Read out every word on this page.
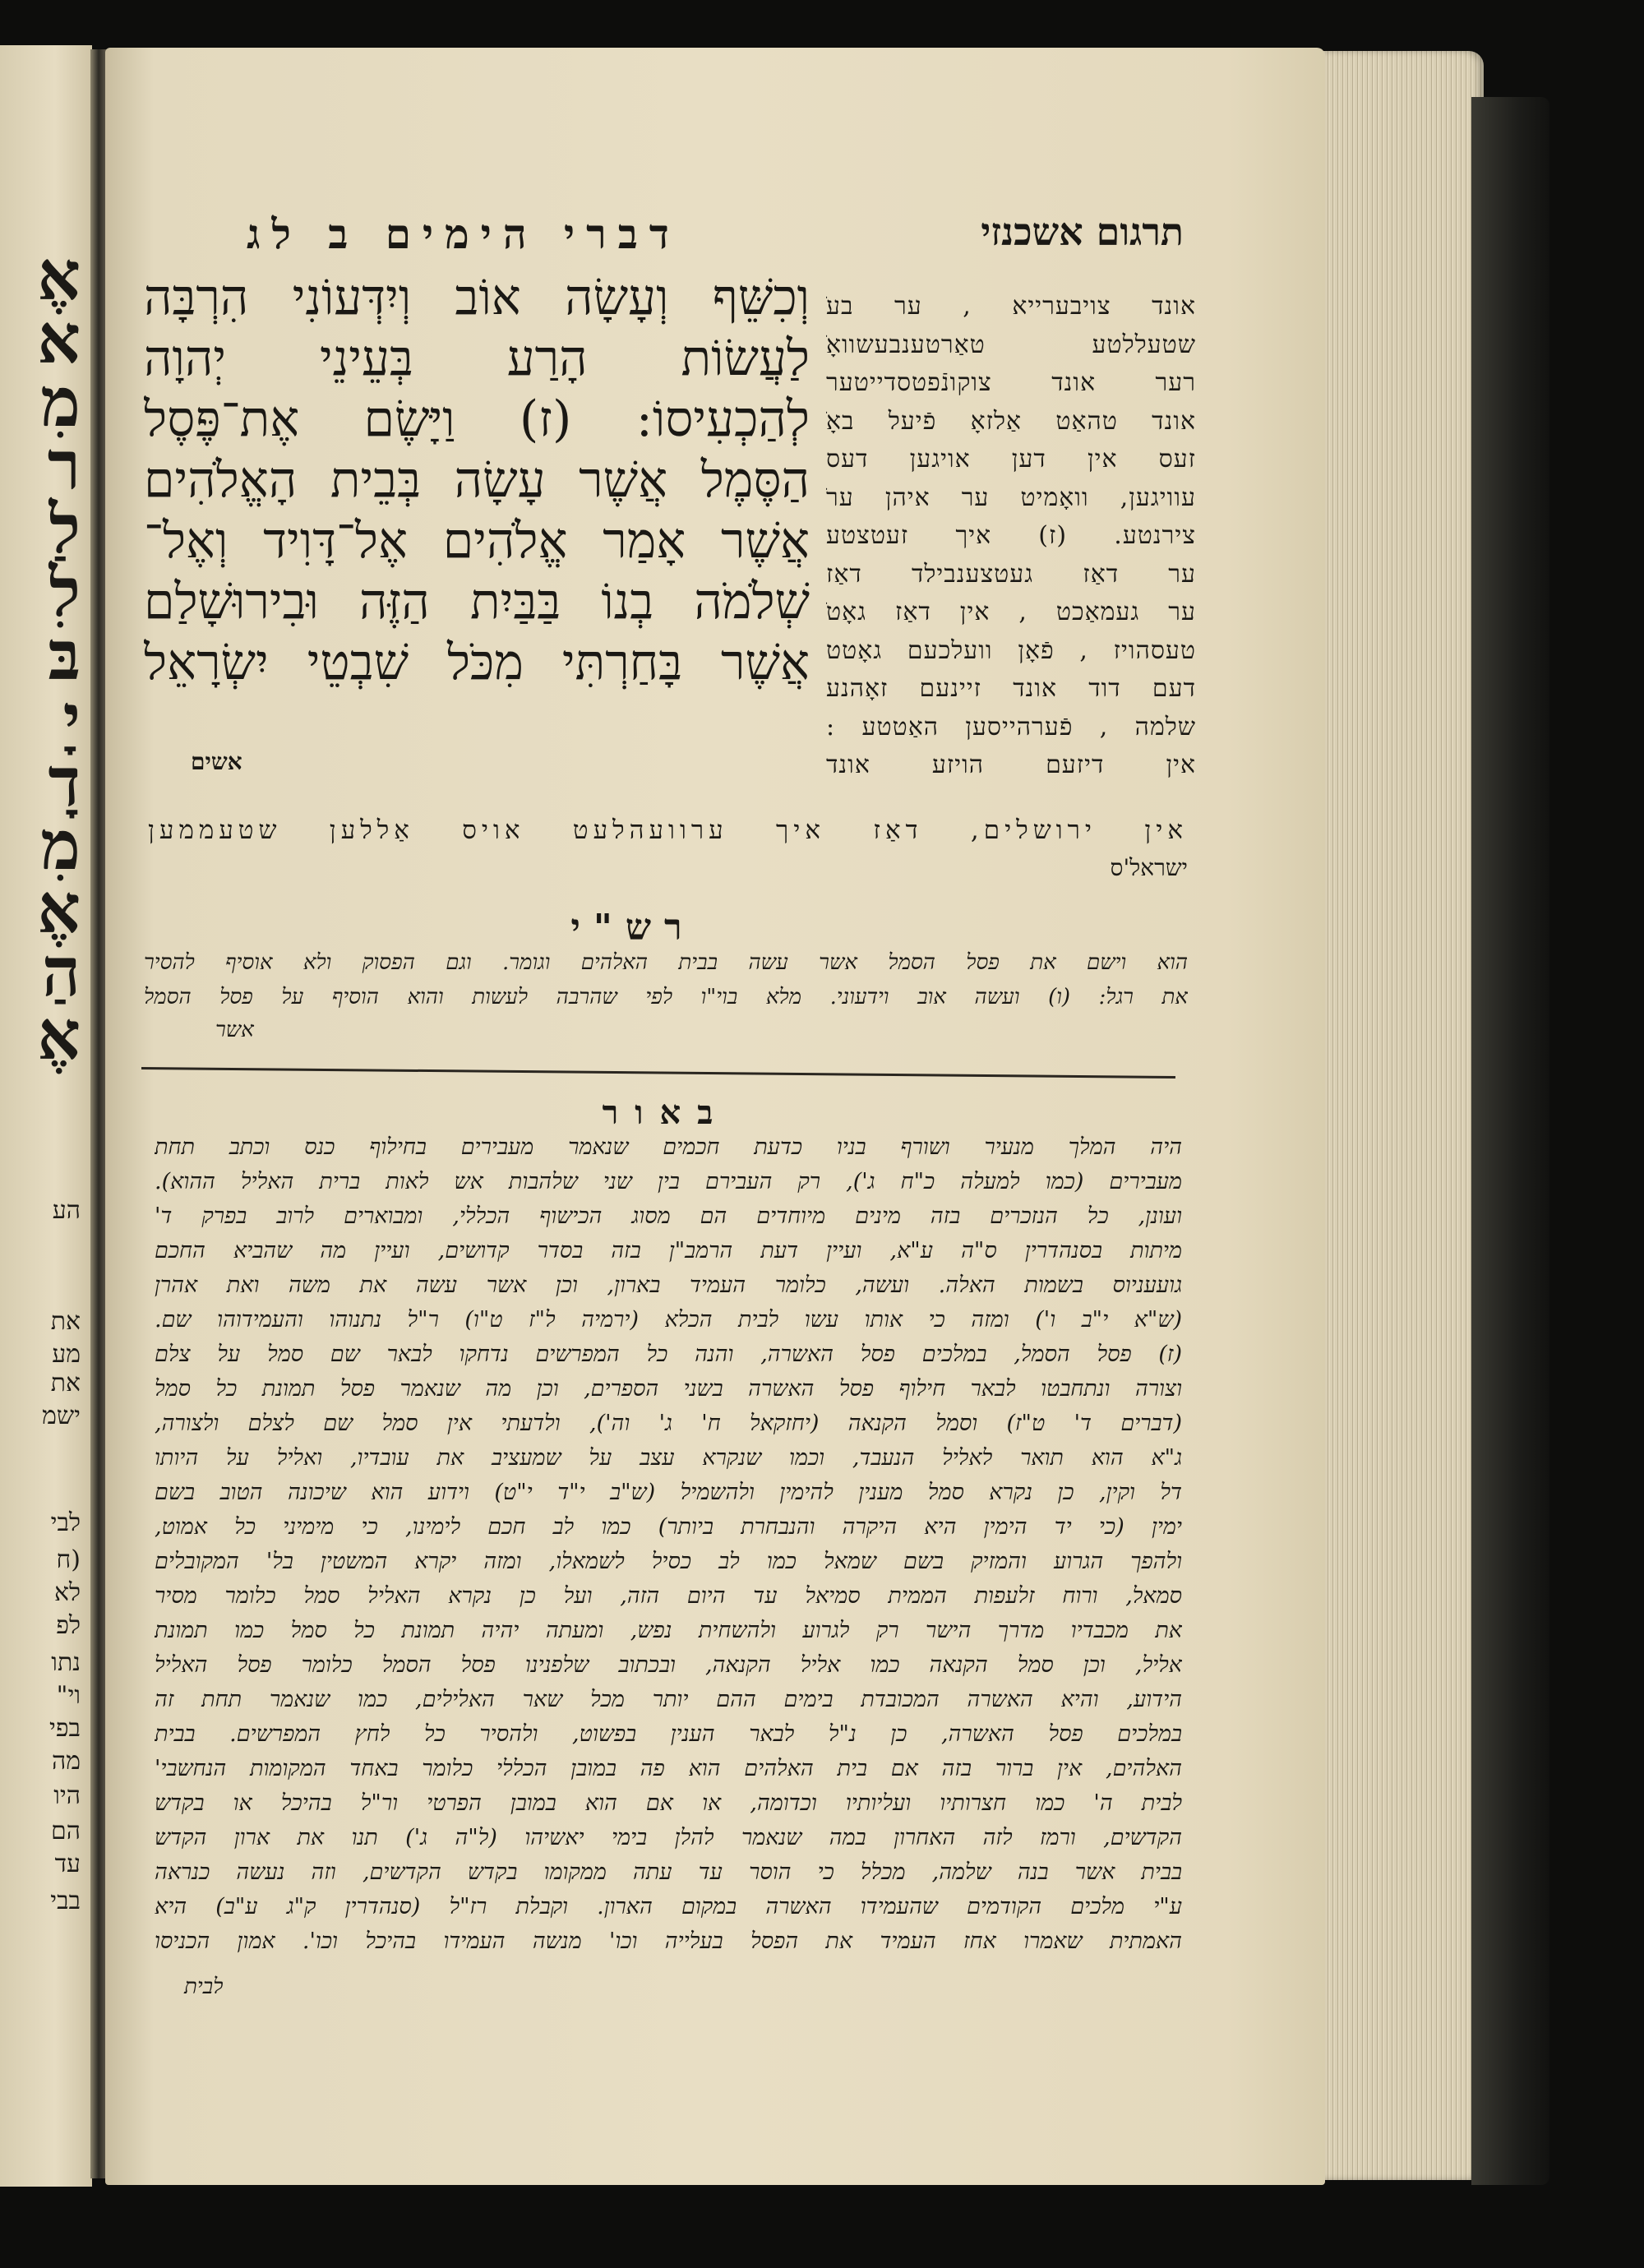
אֶ
א
מִ
ר
לַ
לִ
בּ
יָ
דָ
מִ
אֶ
הַ
אֶ
הע
את
מע
את
ישמ
לבי
(ח
לא
לפ
נתו
וי"
בפי
מה
היו
הם
עד
בבי
דברי הימים ב לג	תרגום אשכנזי
וְכִשֵּׁף וְעָשָׂה אוֹב וְיִדְּעוֹנִי הִרְבָּה
לַעֲשׂוֹת הָרַע בְּעֵינֵי יְהוָה
לְהַכְעִיסוֹ: (ז) וַיָּשֶׂם אֶת־פֶּסֶל
הַסֶּמֶל אֲשֶׁר עָשָׂה בְּבֵית הָאֱלֹהִים
אֲשֶׁר אָמַר אֱלֹהִים אֶל־דָּוִיד וְאֶל־
שְׁלֹמֹה בְנוֹ בַּבַּיִת הַזֶּה וּבִירוּשָׁלַם
אֲשֶׁר בָּחַרְתִּי מִכֹּל שִׁבְטֵי יִשְׂרָאֵל
אשים
אונד צויבערייא , ער בעׂ
שטעללטע טאַרטענבעשוואָׂ
רער אונד צוקונֿפטסדייטער
אונד טהאַט אַלזאָ פֿיעל באָׂ
זעס אין דען אויגען דעס
עוויגען, וואָמיט ער איהן ערׂ
צירנטע. (ז) איך זעטצטע
ער דאַז געטצענבילד דאַז
ער געמאַכט , אין דאַז גאָטׂ
טעסהויז , פֿאָן וועלכעם גאָטט
דעם דוד אונד זיינעם זאָהנע
שלמה , פֿערהייסען האַטטע :
אין דיזעם הויזע אונד
אין ירושלים, דאַז איך ערוועהלעט אויס אַללען שטעממען
ישראל'ס
רש"י
הוא וישם את פסל הסמל אשר עשה בבית האלהים וגומר. וגם הפסוק ולא אוסיף להסיר
את רגל: (ו) ועשה אוב וידעוני. מלא בוי"ו לפי שהרבה לעשות והוא הוסיף על פסל הסמל
אשר
באור
היה המלך מנעיר ושורף בניו כדעת חכמים שנאמר מעבירים בחילוף כנס וכתב תחת
מעבירים (כמו למעלה כ"ח ג'), רק העבירם בין שני שלהבות אש לאות ברית האליל ההוא).
ועונן, כל הנזכרים בזה מינים מיוחדים הם מסוג הכישוף הכללי, ומבוארים לרוב בפרק ד'
מיתות בסנהדרין ס"ה ע"א, ועיין דעת הרמב"ן בזה בסדר קדושים, ועיין מה שהביא החכם
גועעניוס בשמות האלה. ועשה, כלומר העמיד בארון, וכן אשר עשה את משה ואת אהרן
(ש"א י"ב ו') ומזה כי אותו עשו לבית הכלא (ירמיה ל"ז ט"ו) ר"ל נתנוהו והעמידוהו שם.
(ז) פסל הסמל, במלכים פסל האשרה, והנה כל המפרשים נדחקו לבאר שם סמל על צלם
וצורה ונתחבטו לבאר חילוף פסל האשרה בשני הספרים, וכן מה שנאמר פסל תמונת כל סמל
(דברים ד' ט"ז) וסמל הקנאה (יחזקאל ח' ג' וה'), ולדעתי אין סמל שם לצלם ולצורה,
ג"א הוא תואר לאליל הנעבד, וכמו שנקרא עצב על שמעציב את עובדיו, ואליל על היותו
דל וקין, כן נקרא סמל מענין להימין ולהשמיל (ש"ב י"ד י"ט) וידוע הוא שיכונה הטוב בשם
ימין (כי יד הימין היא היקרה והנבחרת ביותר) כמו לב חכם לימינו, כי מימיני כל אמוט,
ולהפך הגרוע והמזיק בשם שמאל כמו לב כסיל לשמאלו, ומזה יקרא המשטין בל' המקובלים
סמאל, ורוח זלעפות הממית סמיאל עד היום הזה, ועל כן נקרא האליל סמל כלומר מסיר
את מכבדיו מדרך הישר רק לגרוע ולהשחית נפש, ומעתה יהיה תמונת כל סמל כמו תמונת
אליל, וכן סמל הקנאה כמו אליל הקנאה, ובכתוב שלפנינו פסל הסמל כלומר פסל האליל
הידוע, והיא האשרה המכובדת בימים ההם יותר מכל שאר האלילים, כמו שנאמר תחת זה
במלכים פסל האשרה, כן נ"ל לבאר הענין בפשוט, ולהסיר כל לחץ המפרשים. בבית
האלהים, אין ברור בזה אם בית האלהים הוא פה במובן הכללי כלומר באחד המקומות הנחשבי'
לבית ה' כמו חצרותיו ועליותיו וכדומה, או אם הוא במובן הפרטי ור"ל בהיכל או בקדש
הקדשים, ורמז לזה האחרון במה שנאמר להלן בימי יאשיהו (ל"ה ג') תנו את ארון הקדש
בבית אשר בנה שלמה, מכלל כי הוסר עד עתה ממקומו בקדש הקדשים, וזה נעשה כנראה
ע"י מלכים הקודמים שהעמידו האשרה במקום הארון. וקבלת רז"ל (סנהדרין ק"ג ע"ב) היא
האמתית שאמרו אחז העמיד את הפסל בעלייה וכו' מנשה העמידו בהיכל וכו'. אמון הכניסו
לבית
